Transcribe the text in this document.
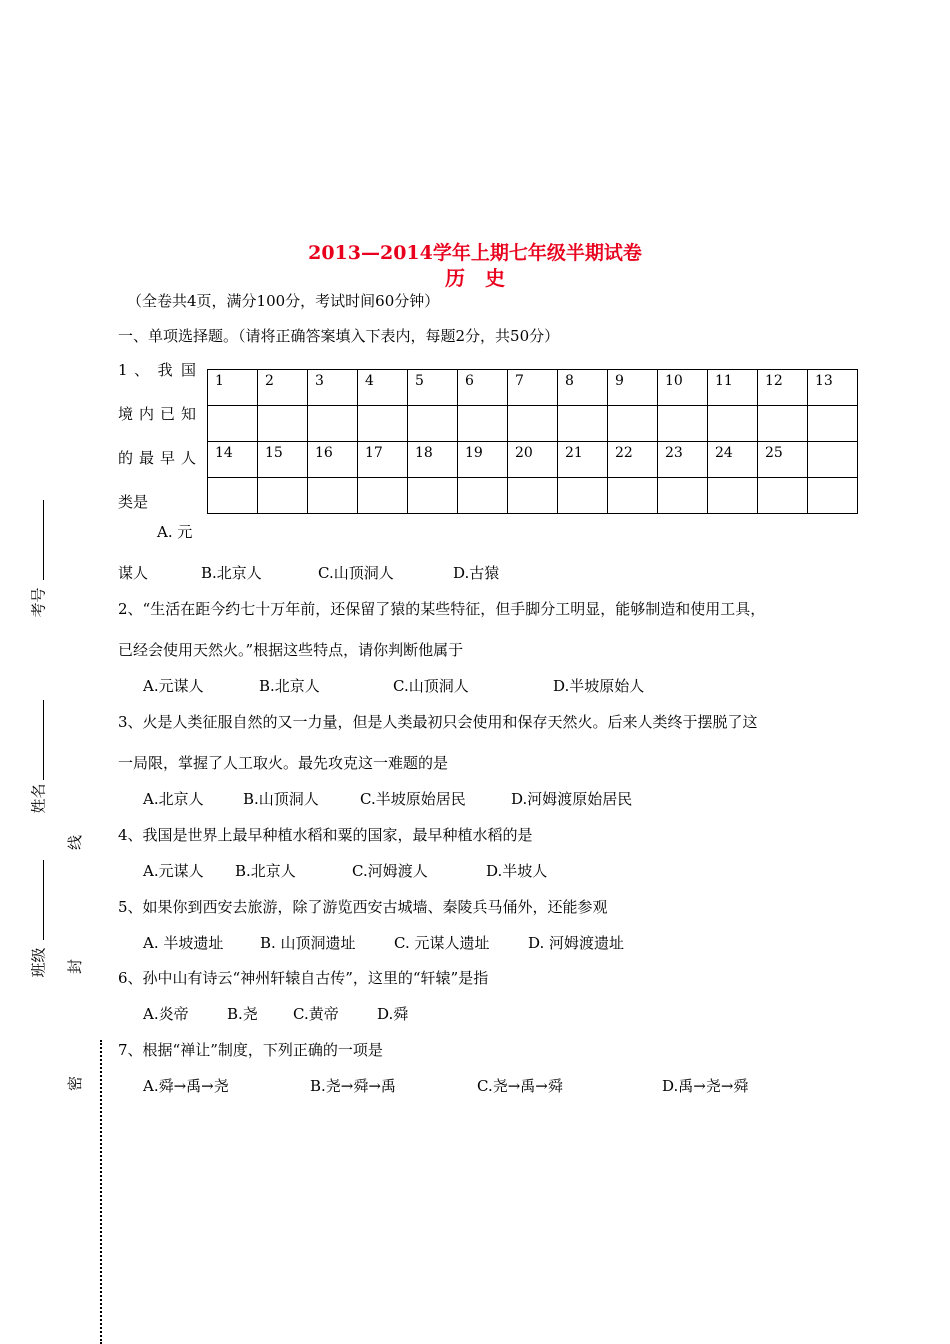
2013—2014学年上期七年级半期试卷
历　史
（全卷共4页，满分100分，考试时间60分钟）
一、单项选择题。（请将正确答案填入下表内，每题2分，共50分）
1	2	3	4	5	6	7	8	9	10	11	12	13

14	15	16	17	18	19	20	21	22	23	24	25	

1 、 我 国
境内已知
的最早人
类是
A. 元
谋人	B.北京人	C.山顶洞人	D.古猿
2、“生活在距今约七十万年前，还保留了猿的某些特征，但手脚分工明显，能够制造和使用工具，
已经会使用天然火。”根据这些特点，请你判断他属于
A.元谋人	B.北京人	C.山顶洞人	D.半坡原始人
3、火是人类征服自然的又一力量，但是人类最初只会使用和保存天然火。后来人类终于摆脱了这
一局限，掌握了人工取火。最先攻克这一难题的是
A.北京人	B.山顶洞人	C.半坡原始居民	D.河姆渡原始居民
4、我国是世界上最早种植水稻和粟的国家，最早种植水稻的是
A.元谋人 B.北京人	C.河姆渡人	D.半坡人
5、如果你到西安去旅游，除了游览西安古城墙、秦陵兵马俑外，还能参观
A. 半坡遗址 B. 山顶洞遗址	C. 元谋人遗址	D. 河姆渡遗址
6、孙中山有诗云“神州轩辕自古传”，这里的“轩辕”是指
A.炎帝	B.尧 C.黄帝	D.舜
7、根据“禅让”制度，下列正确的一项是
A.舜→禹→尧	B.尧→舜→禹	C.尧→禹→舜	D.禹→尧→舜
考号
姓名
班级
线
封
密
